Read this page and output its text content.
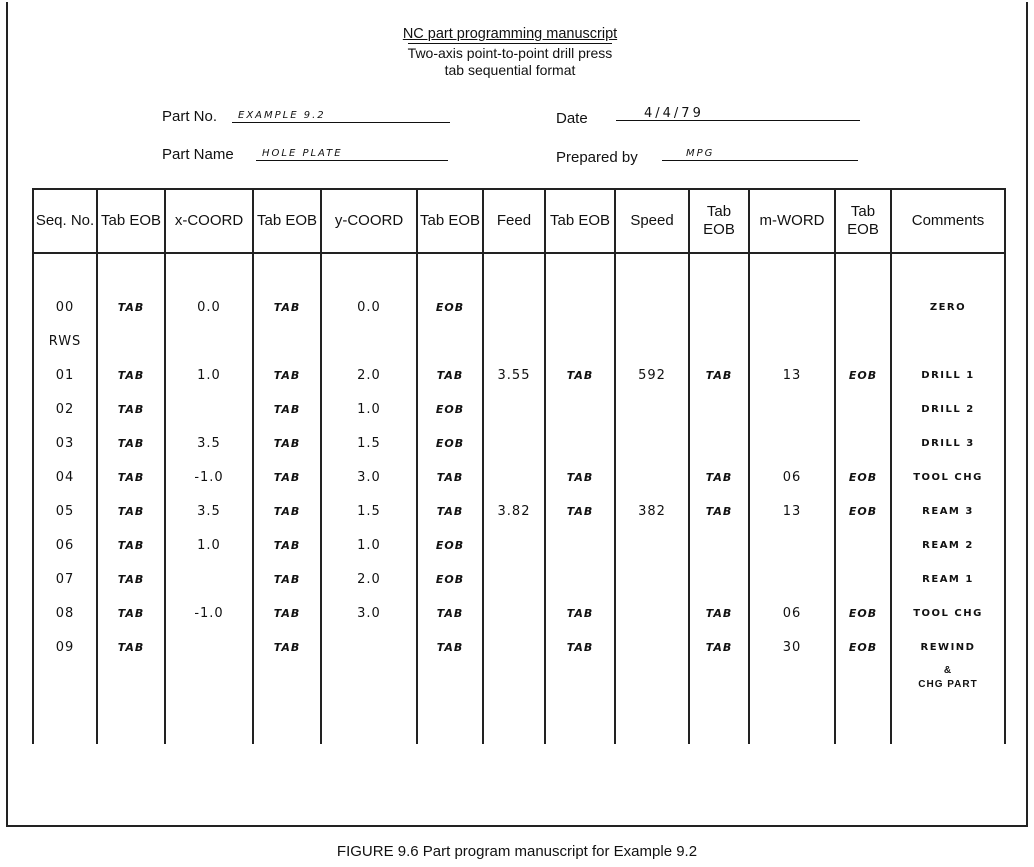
NC part programming manuscript
Two-axis point-to-point drill press
tab sequential format
Part No.	EXAMPLE 9.2
Part Name	HOLE PLATE
Date	4/4/79
Prepared by	MPG
Seq. No.	Tab EOB	x-COORD	Tab EOB	y-COORD	Tab EOB	Feed	Tab EOB	Speed	Tab EOB	m-WORD	Tab EOB	Comments

00	TAB	0.0	TAB	0.0	EOB							ZERO
RWS												
01	TAB	1.0	TAB	2.0	TAB	3.55	TAB	592	TAB	13	EOB	DRILL 1
02	TAB		TAB	1.0	EOB							DRILL 2
03	TAB	3.5	TAB	1.5	EOB							DRILL 3
04	TAB	-1.0	TAB	3.0	TAB		TAB		TAB	06	EOB	TOOL CHG
05	TAB	3.5	TAB	1.5	TAB	3.82	TAB	382	TAB	13	EOB	REAM 3
06	TAB	1.0	TAB	1.0	EOB							REAM 2
07	TAB		TAB	2.0	EOB							REAM 1
08	TAB	-1.0	TAB	3.0	TAB		TAB		TAB	06	EOB	TOOL CHG
09	TAB		TAB		TAB		TAB		TAB	30	EOB	REWIND

												&
CHG PART
FIGURE 9.6 Part program manuscript for Example 9.2
